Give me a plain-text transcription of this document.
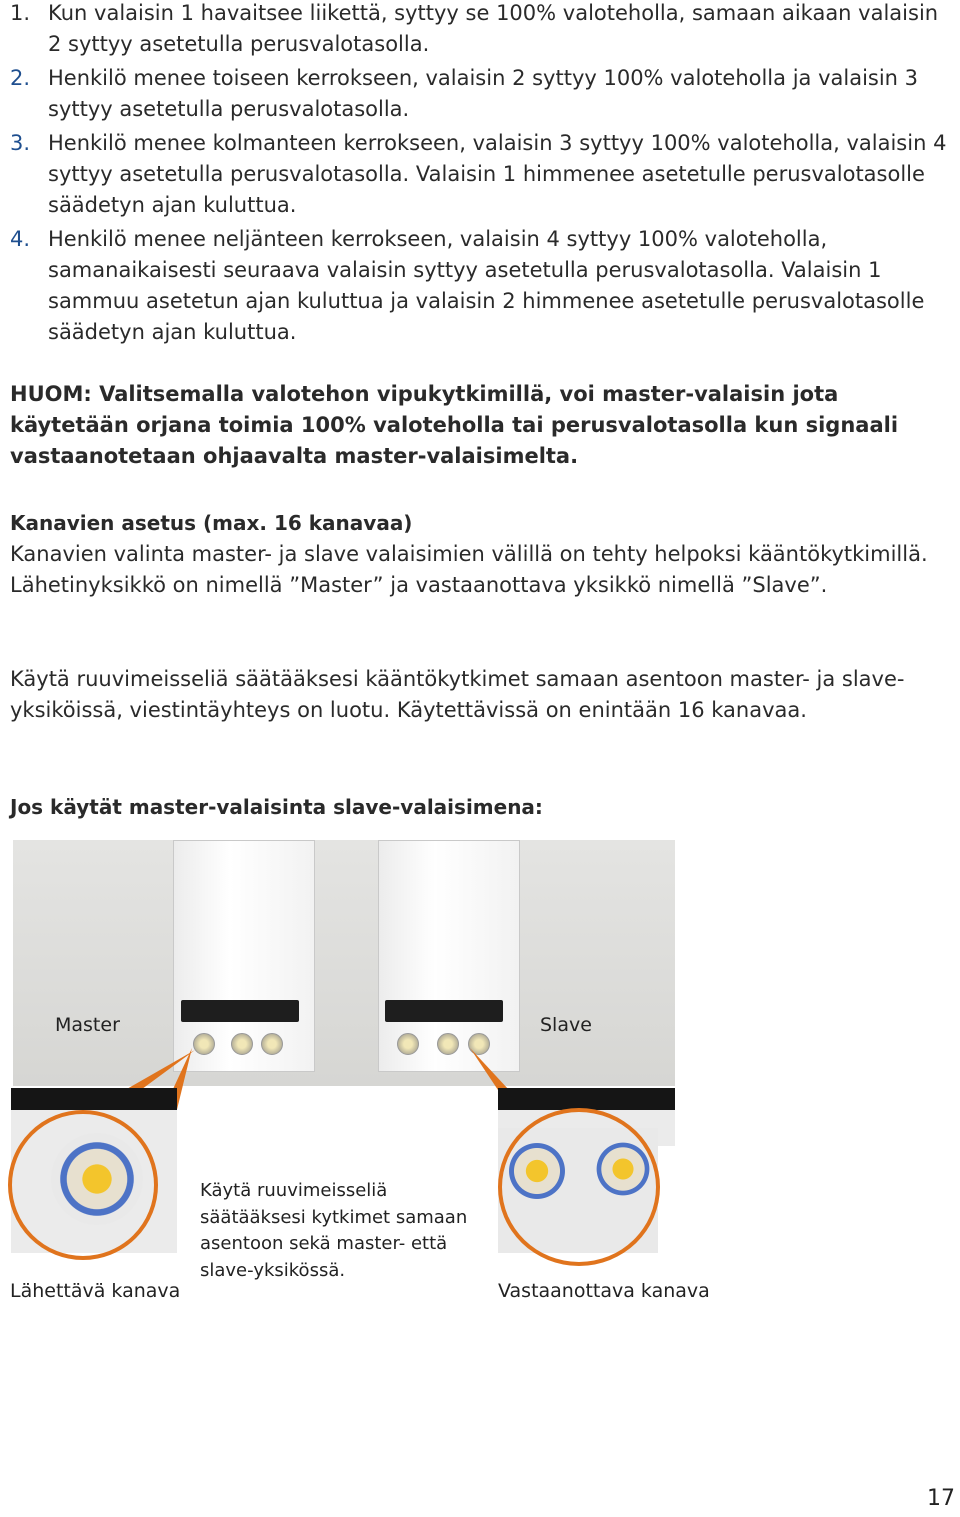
1. Kun valaisin 1 havaitsee liikettä, syttyy se 100% valoteholla, samaan aikaan valaisin 2 syttyy asetetulla perusvalotasolla.
2. Henkilö menee toiseen kerrokseen, valaisin 2 syttyy 100% valoteholla ja valaisin 3 syttyy asetetulla perusvalotasolla.
3. Henkilö menee kolmanteen kerrokseen, valaisin 3 syttyy 100% valoteholla, valaisin 4 syttyy asetetulla perusvalotasolla. Valaisin 1 himmenee asetetulle perusvalotasolle säädetyn ajan kuluttua.
4. Henkilö menee neljänteen kerrokseen, valaisin 4 syttyy 100% valoteholla, samanaikaisesti seuraava valaisin syttyy asetetulla perusvalotasolla. Valaisin 1 sammuu asetetun ajan kuluttua ja valaisin 2 himmenee asetetulle perusvalotasolle säädetyn ajan kuluttua.

HUOM: Valitsemalla valotehon vipukytkimillä, voi master-valaisin jota käytetään orjana toimia 100% valoteholla tai perusvalotasolla kun signaali vastaanotetaan ohjaavalta master-valaisimelta.

Kanavien asetus (max. 16 kanavaa)

Kanavien valinta master- ja slave valaisimien välillä on tehty helpoksi kääntökytkimillä. Lähetinyksikkö on nimellä ”Master” ja vastaanottava yksikkö nimellä ”Slave”.

Käytä ruuvimeisseliä säätääksesi kääntökytkimet samaan asentoon master- ja slave-yksiköissä, viestintäyhteys on luotu. Käytettävissä on enintään 16 kanavaa.

Jos käytät master-valaisinta slave-valaisimena:

Master	Slave

Käytä ruuvimeisseliä säätääksesi kytkimet samaan asentoon sekä master- että slave-yksikössä.

Lähettävä kanava	Vastaanottava kanava

17
